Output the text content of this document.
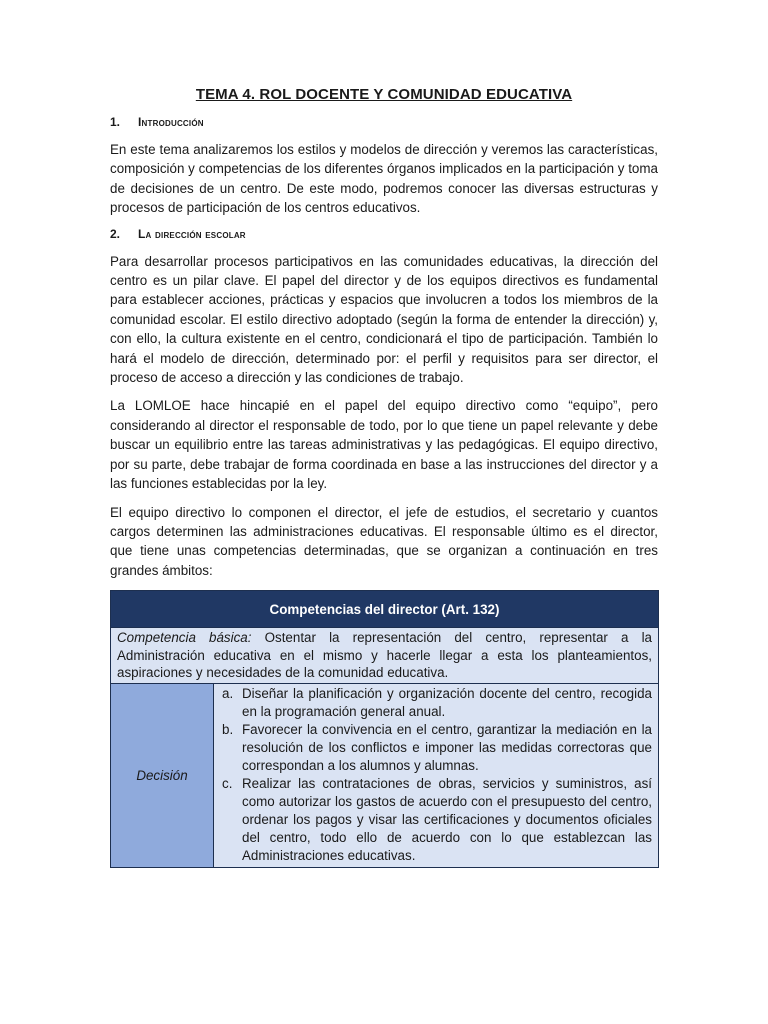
TEMA 4. ROL DOCENTE Y COMUNIDAD EDUCATIVA
1.	Introducción

En este tema analizaremos los estilos y modelos de dirección y veremos las características, composición y competencias de los diferentes órganos implicados en la participación y toma de decisiones de un centro. De este modo, podremos conocer las diversas estructuras y procesos de participación de los centros educativos.

2.	La dirección escolar

Para desarrollar procesos participativos en las comunidades educativas, la dirección del centro es un pilar clave. El papel del director y de los equipos directivos es fundamental para establecer acciones, prácticas y espacios que involucren a todos los miembros de la comunidad escolar. El estilo directivo adoptado (según la forma de entender la dirección) y, con ello, la cultura existente en el centro, condicionará el tipo de participación. También lo hará el modelo de dirección, determinado por: el perfil y requisitos para ser director, el proceso de acceso a dirección y las condiciones de trabajo.

La LOMLOE hace hincapié en el papel del equipo directivo como “equipo”, pero considerando al director el responsable de todo, por lo que tiene un papel relevante y debe buscar un equilibrio entre las tareas administrativas y las pedagógicas. El equipo directivo, por su parte, debe trabajar de forma coordinada en base a las instrucciones del director y a las funciones establecidas por la ley.

El equipo directivo lo componen el director, el jefe de estudios, el secretario y cuantos cargos determinen las administraciones educativas. El responsable último es el director, que tiene unas competencias determinadas, que se organizan a continuación en tres grandes ámbitos:

Competencias del director (Art. 132)
Competencia básica: Ostentar la representación del centro, representar a la Administración educativa en el mismo y hacerle llegar a esta los planteamientos, aspiraciones y necesidades de la comunidad educativa.
Decisión	
a. Diseñar la planificación y organización docente del centro, recogida en la programación general anual.
b. Favorecer la convivencia en el centro, garantizar la mediación en la resolución de los conflictos e imponer las medidas correctoras que correspondan a los alumnos y alumnas.
c. Realizar las contrataciones de obras, servicios y suministros, así como autorizar los gastos de acuerdo con el presupuesto del centro, ordenar los pagos y visar las certificaciones y documentos oficiales del centro, todo ello de acuerdo con lo que establezcan las Administraciones educativas.
